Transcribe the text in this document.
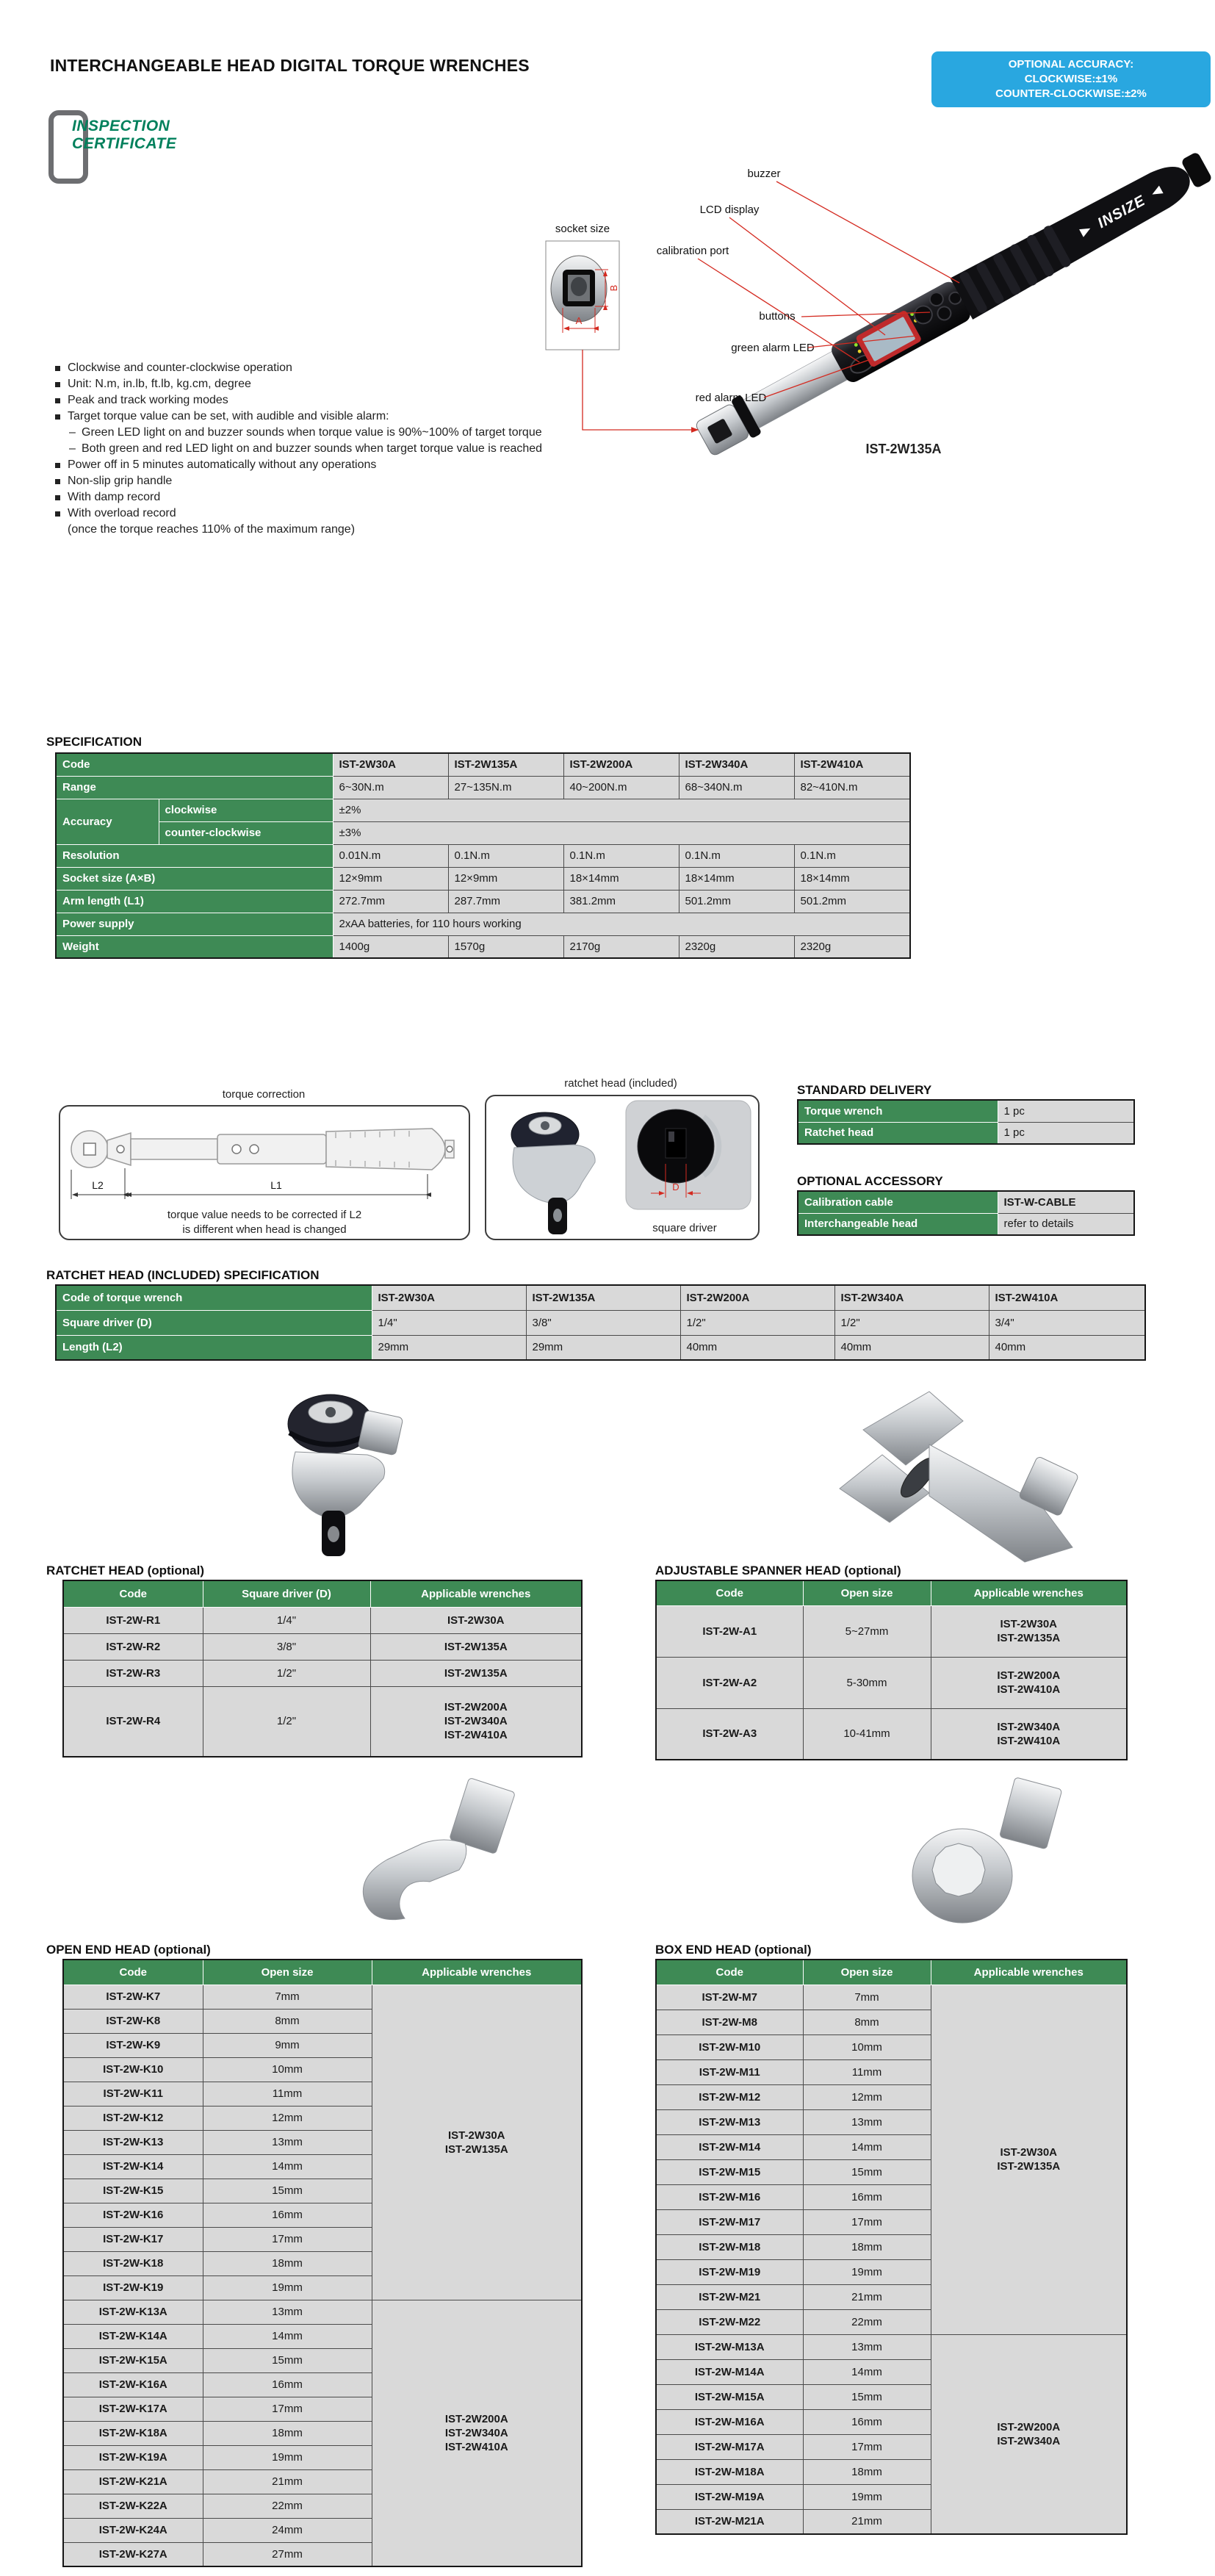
INTERCHANGEABLE HEAD DIGITAL TORQUE WRENCHES	OPTIONAL ACCURACY:
CLOCKWISE:±1%
COUNTER-CLOCKWISE:±2%
INSPECTION
CERTIFICATE
Clockwise and counter-clockwise operation
Unit: N.m, in.lb, ft.lb, kg.cm, degree
Peak and track working modes
Target torque value can be set, with audible and visible alarm:
– Green LED light on and buzzer sounds when torque value is 90%~100% of target torque
– Both green and red LED light on and buzzer sounds when target torque value is reached
Power off in 5 minutes automatically without any operations
Non-slip grip handle
With damp record
With overload record
(once the torque reaches 110% of the maximum range)
INSIZE
socket size
B
A
buzzer
LCD display
calibration port
buttons
green alarm LED
red alarm LED
IST-2W135A
SPECIFICATION
Code		IST-2W30A	IST-2W135A	IST-2W200A	IST-2W340A	IST-2W410A
Range		6~30N.m	27~135N.m	40~200N.m	68~340N.m	82~410N.m
Accuracy	clockwise	±2%				
	counter-clockwise	±3%				
Resolution		0.01N.m	0.1N.m	0.1N.m	0.1N.m	0.1N.m
Socket size (A×B)		12×9mm	12×9mm	18×14mm	18×14mm	18×14mm
Arm length (L1)		272.7mm	287.7mm	381.2mm	501.2mm	501.2mm
Power supply		2xAA batteries, for 110 hours working				
Weight		1400g	1570g	2170g	2320g	2320g
torque correction
L2	L1
torque value needs to be corrected if L2
is different when head is changed
ratchet head (included)
D
square driver
STANDARD DELIVERY
Torque wrench	1 pc
Ratchet head	1 pc
OPTIONAL ACCESSORY
Calibration cable	IST-W-CABLE
Interchangeable head	refer to details
RATCHET HEAD (INCLUDED) SPECIFICATION
Code of torque wrench	IST-2W30A	IST-2W135A	IST-2W200A	IST-2W340A	IST-2W410A
Square driver (D)	1/4"	3/8"	1/2"	1/2"	3/4"
Length (L2)	29mm	29mm	40mm	40mm	40mm
RATCHET HEAD (optional)
Code	Square driver (D)	Applicable wrenches
IST-2W-R1	1/4"	IST-2W30A
IST-2W-R2	3/8"	IST-2W135A
IST-2W-R3	1/2"	IST-2W135A
IST-2W-R4	1/2"	IST-2W200A
IST-2W340A
IST-2W410A
ADJUSTABLE SPANNER HEAD (optional)
Code	Open size	Applicable wrenches
IST-2W-A1	5~27mm	IST-2W30A
IST-2W135A
IST-2W-A2	5-30mm	IST-2W200A
IST-2W410A
IST-2W-A3	10-41mm	IST-2W340A
IST-2W410A
OPEN END HEAD (optional)
Code	Open size	Applicable wrenches
IST-2W-K7	7mm	IST-2W30A
IST-2W135A
IST-2W-K8	8mm	
IST-2W-K9	9mm	
IST-2W-K10	10mm	
IST-2W-K11	11mm	
IST-2W-K12	12mm	
IST-2W-K13	13mm	
IST-2W-K14	14mm	
IST-2W-K15	15mm	
IST-2W-K16	16mm	
IST-2W-K17	17mm	
IST-2W-K18	18mm	
IST-2W-K19	19mm	
IST-2W-K13A	13mm	IST-2W200A
IST-2W340A
IST-2W410A
IST-2W-K14A	14mm	
IST-2W-K15A	15mm	
IST-2W-K16A	16mm	
IST-2W-K17A	17mm	
IST-2W-K18A	18mm	
IST-2W-K19A	19mm	
IST-2W-K21A	21mm	
IST-2W-K22A	22mm	
IST-2W-K24A	24mm	
IST-2W-K27A	27mm	
BOX END HEAD (optional)
Code	Open size	Applicable wrenches
IST-2W-M7	7mm	IST-2W30A
IST-2W135A
IST-2W-M8	8mm	
IST-2W-M10	10mm	
IST-2W-M11	11mm	
IST-2W-M12	12mm	
IST-2W-M13	13mm	
IST-2W-M14	14mm	
IST-2W-M15	15mm	
IST-2W-M16	16mm	
IST-2W-M17	17mm	
IST-2W-M18	18mm	
IST-2W-M19	19mm	
IST-2W-M21	21mm	
IST-2W-M22	22mm	
IST-2W-M13A	13mm	IST-2W200A
IST-2W340A
IST-2W-M14A	14mm	
IST-2W-M15A	15mm	
IST-2W-M16A	16mm	
IST-2W-M17A	17mm	
IST-2W-M18A	18mm	
IST-2W-M19A	19mm	
IST-2W-M21A	21mm	
